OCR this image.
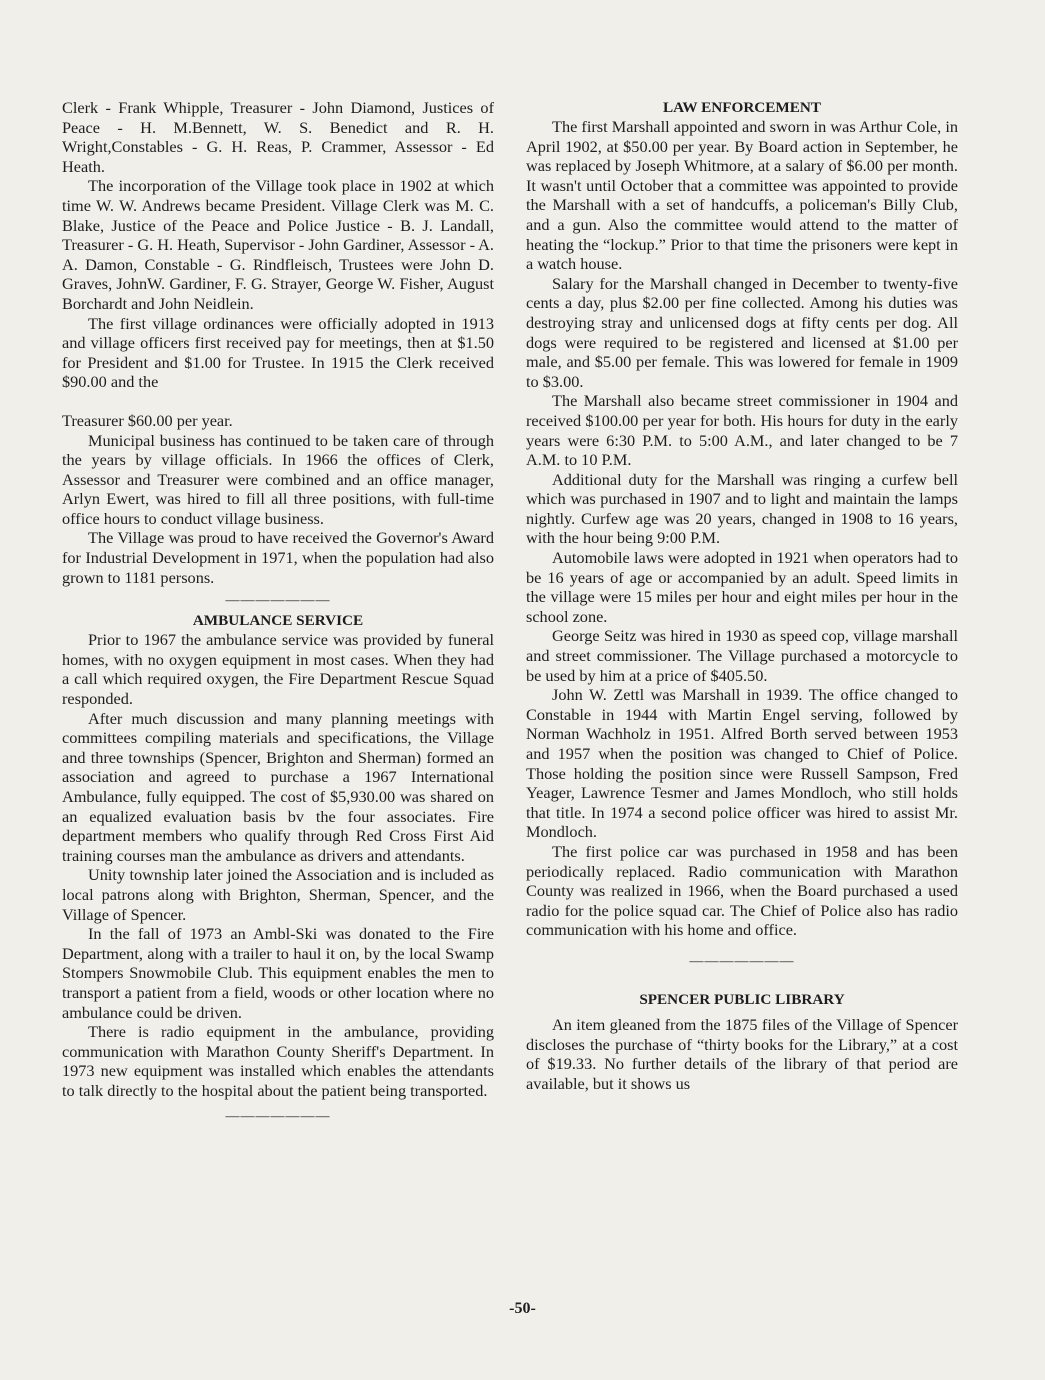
Clerk - Frank Whipple, Treasurer - John Diamond, Justices of Peace - H. M.Bennett, W. S. Benedict and R. H. Wright,Constables - G. H. Reas, P. Crammer, Assessor - Ed Heath.

The incorporation of the Village took place in 1902 at which time W. W. Andrews became President. Village Clerk was M. C. Blake, Justice of the Peace and Police Justice - B. J. Landall, Treasurer - G. H. Heath, Supervisor - John Gardiner, Assessor - A. A. Damon, Constable - G. Rindfleisch, Trustees were John D. Graves, JohnW. Gardiner, F. G. Strayer, George W. Fisher, August Borchardt and John Neidlein.

The first village ordinances were officially adopted in 1913 and village officers first received pay for meetings, then at $1.50 for President and $1.00 for Trustee. In 1915 the Clerk received $90.00 and the

Treasurer $60.00 per year.

Municipal business has continued to be taken care of through the years by village officials. In 1966 the offices of Clerk, Assessor and Treasurer were combined and an office manager, Arlyn Ewert, was hired to fill all three positions, with full-time office hours to conduct village business.

The Village was proud to have received the Governor's Award for Industrial Development in 1971, when the population had also grown to 1181 persons.

———————
AMBULANCE SERVICE

Prior to 1967 the ambulance service was provided by funeral homes, with no oxygen equipment in most cases. When they had a call which required oxygen, the Fire Department Rescue Squad responded.

After much discussion and many planning meetings with committees compiling materials and specifications, the Village and three townships (Spencer, Brighton and Sherman) formed an association and agreed to purchase a 1967 International Ambulance, fully equipped. The cost of $5,930.00 was shared on an equalized evaluation basis bv the four associates. Fire department members who qualify through Red Cross First Aid training courses man the ambulance as drivers and attendants.

Unity township later joined the Association and is included as local patrons along with Brighton, Sherman, Spencer, and the Village of Spencer.

In the fall of 1973 an Ambl-Ski was donated to the Fire Department, along with a trailer to haul it on, by the local Swamp Stompers Snowmobile Club. This equipment enables the men to transport a patient from a field, woods or other location where no ambulance could be driven.

There is radio equipment in the ambulance, providing communication with Marathon County Sheriff's Department. In 1973 new equipment was installed which enables the attendants to talk directly to the hospital about the patient being transported.

———————
LAW ENFORCEMENT

The first Marshall appointed and sworn in was Arthur Cole, in April 1902, at $50.00 per year. By Board action in September, he was replaced by Joseph Whitmore, at a salary of $6.00 per month. It wasn't until October that a committee was appointed to provide the Marshall with a set of handcuffs, a policeman's Billy Club, and a gun. Also the committee would attend to the matter of heating the “lockup.” Prior to that time the prisoners were kept in a watch house.

Salary for the Marshall changed in December to twenty-five cents a day, plus $2.00 per fine collected. Among his duties was destroying stray and unlicensed dogs at fifty cents per dog. All dogs were required to be registered and licensed at $1.00 per male, and $5.00 per female. This was lowered for female in 1909 to $3.00.

The Marshall also became street commissioner in 1904 and received $100.00 per year for both. His hours for duty in the early years were 6:30 P.M. to 5:00 A.M., and later changed to be 7 A.M. to 10 P.M.

Additional duty for the Marshall was ringing a curfew bell which was purchased in 1907 and to light and maintain the lamps nightly. Curfew age was 20 years, changed in 1908 to 16 years, with the hour being 9:00 P.M.

Automobile laws were adopted in 1921 when operators had to be 16 years of age or accompanied by an adult. Speed limits in the village were 15 miles per hour and eight miles per hour in the school zone.

George Seitz was hired in 1930 as speed cop, village marshall and street commissioner. The Village purchased a motorcycle to be used by him at a price of $405.50.

John W. Zettl was Marshall in 1939. The office changed to Constable in 1944 with Martin Engel serving, followed by Norman Wachholz in 1951. Alfred Borth served between 1953 and 1957 when the position was changed to Chief of Police. Those holding the position since were Russell Sampson, Fred Yeager, Lawrence Tesmer and James Mondloch, who still holds that title. In 1974 a second police officer was hired to assist Mr. Mondloch.

The first police car was purchased in 1958 and has been periodically replaced. Radio communication with Marathon County was realized in 1966, when the Board purchased a used radio for the police squad car. The Chief of Police also has radio communication with his home and office.

———————
SPENCER PUBLIC LIBRARY

An item gleaned from the 1875 files of the Village of Spencer discloses the purchase of “thirty books for the Library,” at a cost of $19.33. No further details of the library of that period are available, but it shows us

-50-
